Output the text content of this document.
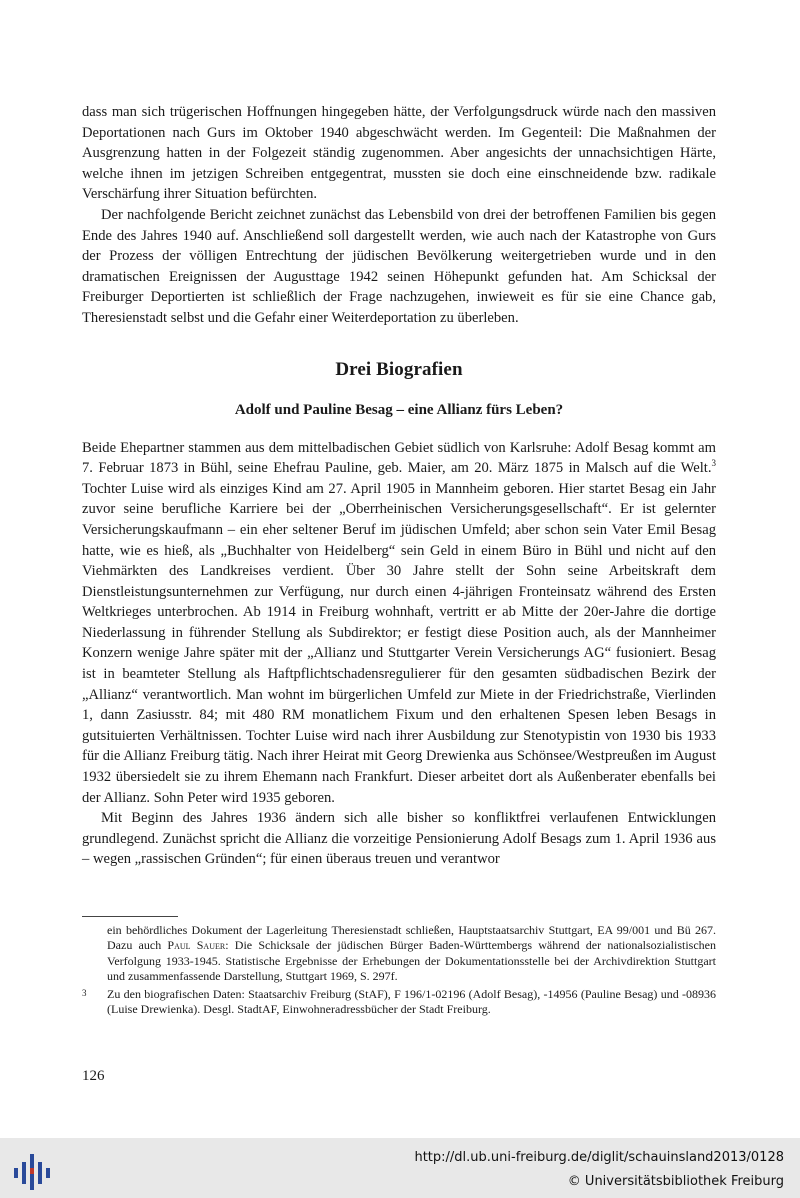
dass man sich trügerischen Hoffnungen hingegeben hätte, der Verfolgungsdruck würde nach den massiven Deportationen nach Gurs im Oktober 1940 abgeschwächt werden. Im Gegenteil: Die Maßnahmen der Ausgrenzung hatten in der Folgezeit ständig zugenommen. Aber angesichts der unnachsichtigen Härte, welche ihnen im jetzigen Schreiben entgegentrat, mussten sie doch eine einschneidende bzw. radikale Verschärfung ihrer Situation befürchten.

Der nachfolgende Bericht zeichnet zunächst das Lebensbild von drei der betroffenen Familien bis gegen Ende des Jahres 1940 auf. Anschließend soll dargestellt werden, wie auch nach der Katastrophe von Gurs der Prozess der völligen Entrechtung der jüdischen Bevölkerung weitergetrieben wurde und in den dramatischen Ereignissen der Augusttage 1942 seinen Höhepunkt gefunden hat. Am Schicksal der Freiburger Deportierten ist schließlich der Frage nachzugehen, inwieweit es für sie eine Chance gab, Theresienstadt selbst und die Gefahr einer Weiterdeportation zu überleben.

Drei Biografien
Adolf und Pauline Besag – eine Allianz fürs Leben?

Beide Ehepartner stammen aus dem mittelbadischen Gebiet südlich von Karlsruhe: Adolf Besag kommt am 7. Februar 1873 in Bühl, seine Ehefrau Pauline, geb. Maier, am 20. März 1875 in Malsch auf die Welt.$^3$ Tochter Luise wird als einziges Kind am 27. April 1905 in Mannheim geboren. Hier startet Besag ein Jahr zuvor seine berufliche Karriere bei der „Oberrheinischen Versicherungsgesellschaft“. Er ist gelernter Versicherungskaufmann – ein eher seltener Beruf im jüdischen Umfeld; aber schon sein Vater Emil Besag hatte, wie es hieß, als „Buchhalter von Heidelberg“ sein Geld in einem Büro in Bühl und nicht auf den Viehmärkten des Landkreises verdient. Über 30 Jahre stellt der Sohn seine Arbeitskraft dem Dienstleistungsunternehmen zur Verfügung, nur durch einen 4-jährigen Fronteinsatz während des Ersten Weltkrieges unterbrochen. Ab 1914 in Freiburg wohnhaft, vertritt er ab Mitte der 20er-Jahre die dortige Niederlassung in führender Stellung als Subdirektor; er festigt diese Position auch, als der Mannheimer Konzern wenige Jahre später mit der „Allianz und Stuttgarter Verein Versicherungs AG“ fusioniert. Besag ist in beamteter Stellung als Haftpflichtschadensregulierer für den gesamten südbadischen Bezirk der „Allianz“ verantwortlich. Man wohnt im bürgerlichen Umfeld zur Miete in der Friedrichstraße, Vierlinden 1, dann Zasiusstr. 84; mit 480 RM monatlichem Fixum und den erhaltenen Spesen leben Besags in gutsituierten Verhältnissen. Tochter Luise wird nach ihrer Ausbildung zur Stenotypistin von 1930 bis 1933 für die Allianz Freiburg tätig. Nach ihrer Heirat mit Georg Drewienka aus Schönsee/Westpreußen im August 1932 übersiedelt sie zu ihrem Ehemann nach Frankfurt. Dieser arbeitet dort als Außenberater ebenfalls bei der Allianz. Sohn Peter wird 1935 geboren.

Mit Beginn des Jahres 1936 ändern sich alle bisher so konfliktfrei verlaufenen Entwicklungen grundlegend. Zunächst spricht die Allianz die vorzeitige Pensionierung Adolf Besags zum 1. April 1936 aus – wegen „rassischen Gründen“; für einen überaus treuen und verantwor

ein behördliches Dokument der Lagerleitung Theresienstadt schließen, Hauptstaatsarchiv Stuttgart, EA 99/001 und Bü 267. Dazu auch Paul Sauer: Die Schicksale der jüdischen Bürger Baden-Württembergs während der nationalsozialistischen Verfolgung 1933-1945. Statistische Ergebnisse der Erhebungen der Dokumentationsstelle bei der Archivdirektion Stuttgart und zusammenfassende Darstellung, Stuttgart 1969, S. 297f.

3	Zu den biografischen Daten: Staatsarchiv Freiburg (StAF), F 196/1-02196 (Adolf Besag), -14956 (Pauline Besag) und -08936 (Luise Drewienka). Desgl. StadtAF, Einwohneradressbücher der Stadt Freiburg.

126
http://dl.ub.uni-freiburg.de/diglit/schauinsland2013/0128
© Universitätsbibliothek Freiburg
